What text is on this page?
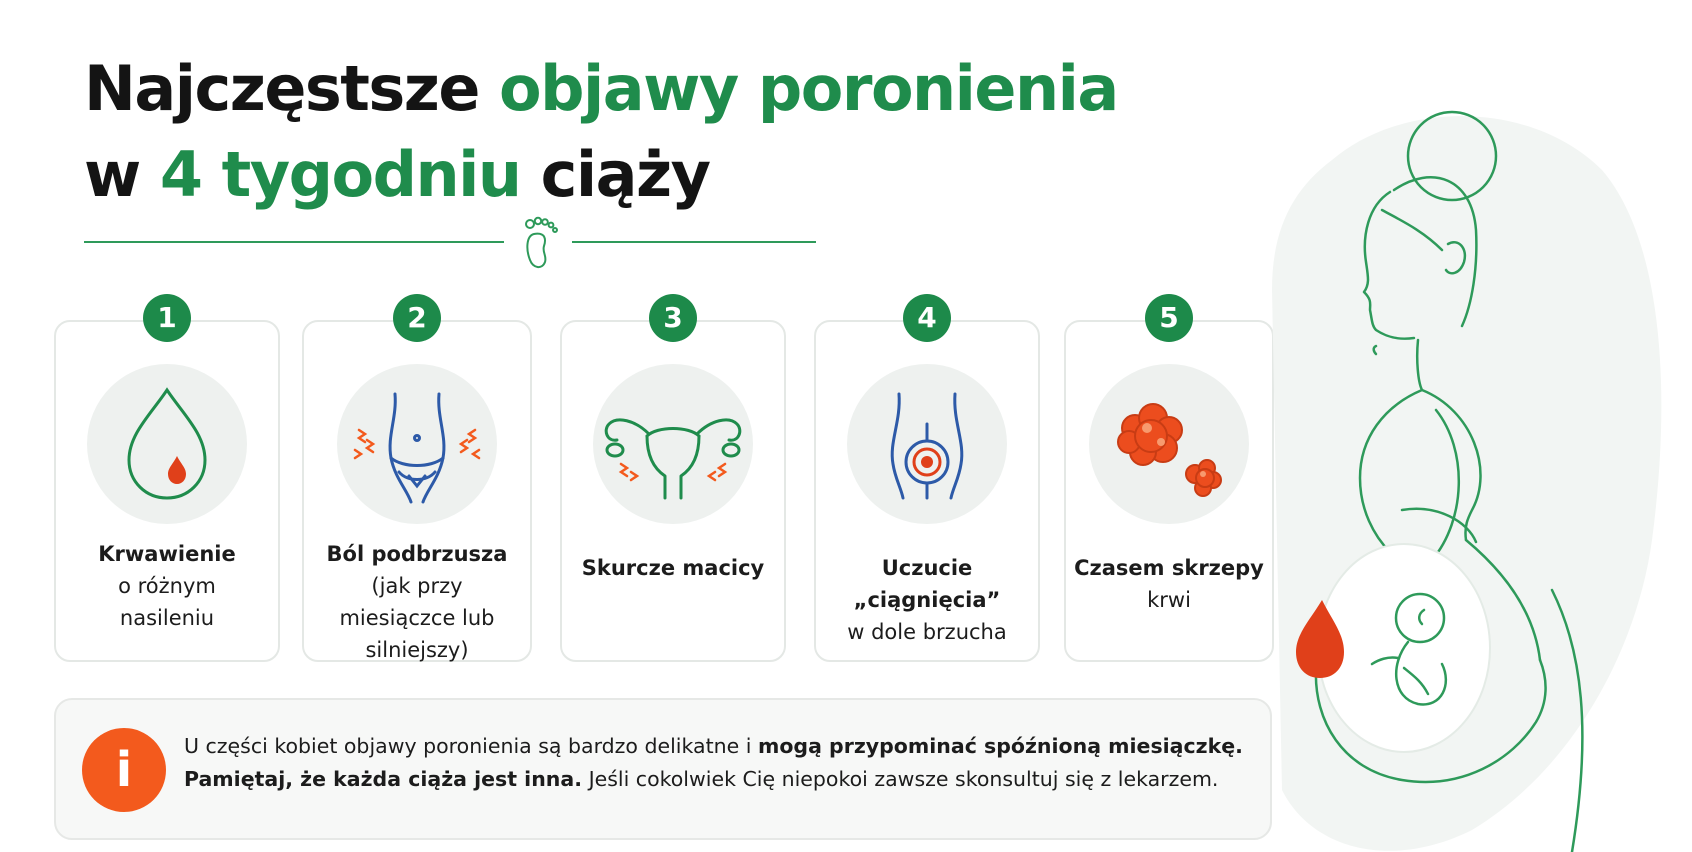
Najczęstsze objawy poronienia
w 4 tygodniu ciąży
1
Krwawienie
o różnym nasileniu
2
Ból podbrzusza
(jak przy miesiączce lub silniejszy)
3
Skurcze macicy
4
Uczucie „ciągnięcia”
w dole brzucha
5
Czasem skrzepy
krwi
i	U części kobiet objawy poronienia są bardzo delikatne i mogą przypominać spóźnioną miesiączkę.
Pamiętaj, że każda ciąża jest inna. Jeśli cokolwiek Cię niepokoi zawsze skonsultuj się z lekarzem.
